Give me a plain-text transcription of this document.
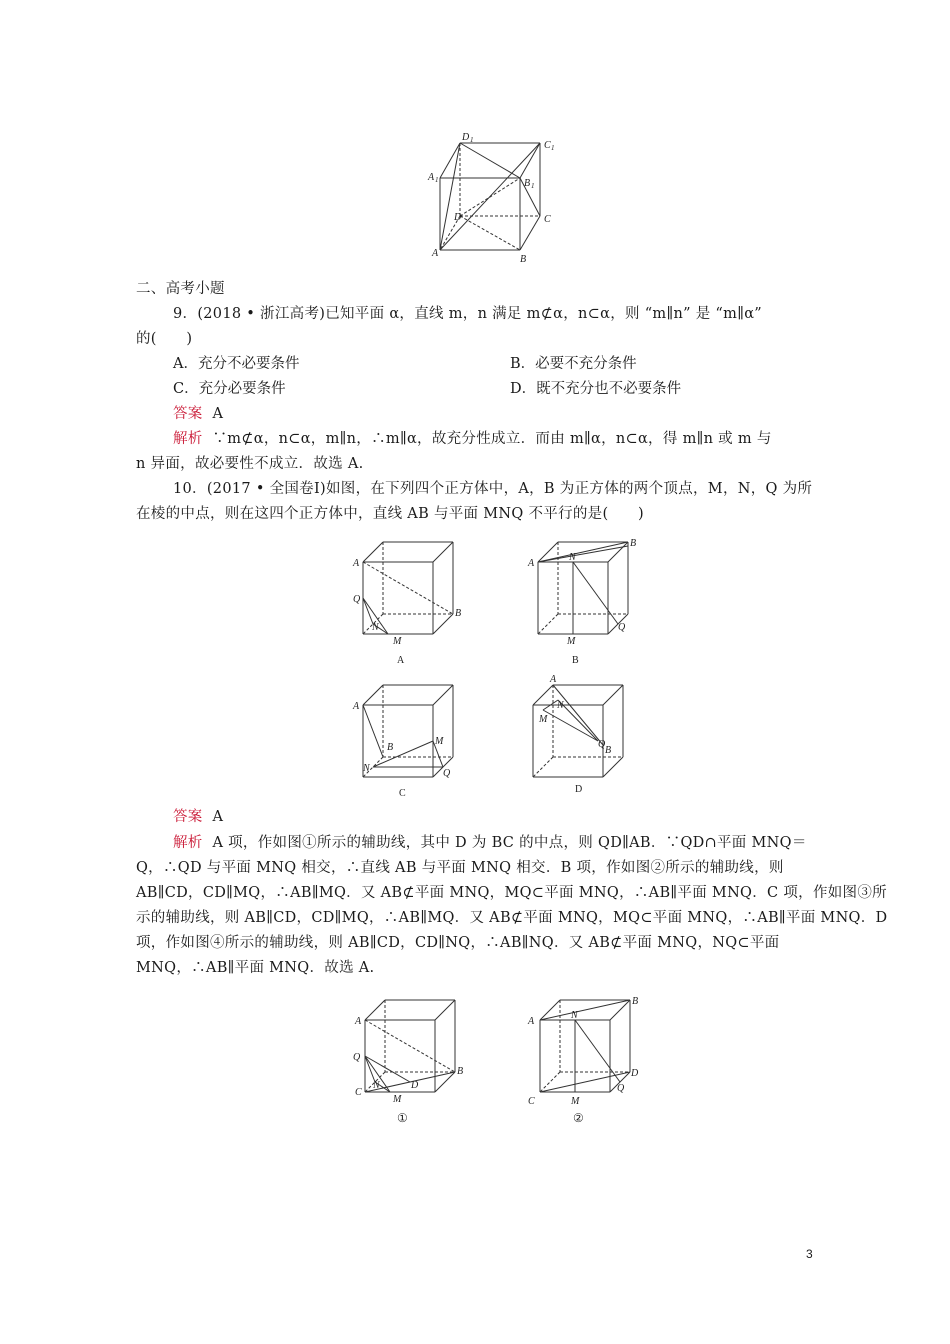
D 1	C 1
A 1	B 1
D	C
A
B
二、高考小题
9．(2018 • 浙江高考)已知平面 α，直线 m，n 满足 m⊄α，n⊂α，则 “m∥n” 是 “m∥α”
的(　　)
A．充分不必要条件	B．必要不充分条件
C．充分必要条件	D．既不充分也不必要条件
答案 A
解析 ∵m⊄α，n⊂α，m∥n，∴m∥α，故充分性成立．而由 m∥α，n⊂α，得 m∥n 或 m 与
n 异面，故必要性不成立．故选 A.
10．(2017 • 全国卷Ⅰ)如图，在下列四个正方体中，A，B 为正方体的两个顶点，M，N，Q 为所
在棱的中点，则在这四个正方体中，直线 AB 与平面 MNQ 不平行的是(　　)
A
B
Q
N
M
A
A
B
N
Q
M
B
A
B
M
N	Q
C
A
B
N
M
Q
D
答案 A
解析 A 项，作如图①所示的辅助线，其中 D 为 BC 的中点，则 QD∥AB．∵QD∩平面 MNQ＝
Q，∴QD 与平面 MNQ 相交，∴直线 AB 与平面 MNQ 相交．B 项，作如图②所示的辅助线，则
AB∥CD，CD∥MQ，∴AB∥MQ．又 AB⊄平面 MNQ，MQ⊂平面 MNQ，∴AB∥平面 MNQ．C 项，作如图③所
示的辅助线，则 AB∥CD，CD∥MQ，∴AB∥MQ．又 AB⊄平面 MNQ，MQ⊂平面 MNQ，∴AB∥平面 MNQ．D
项，作如图④所示的辅助线，则 AB∥CD，CD∥NQ，∴AB∥NQ．又 AB⊄平面 MNQ，NQ⊂平面
MNQ，∴AB∥平面 MNQ．故选 A.
A
B
Q
C
N	D
M
①
A
B
N
Q
D
C	M
②
3
